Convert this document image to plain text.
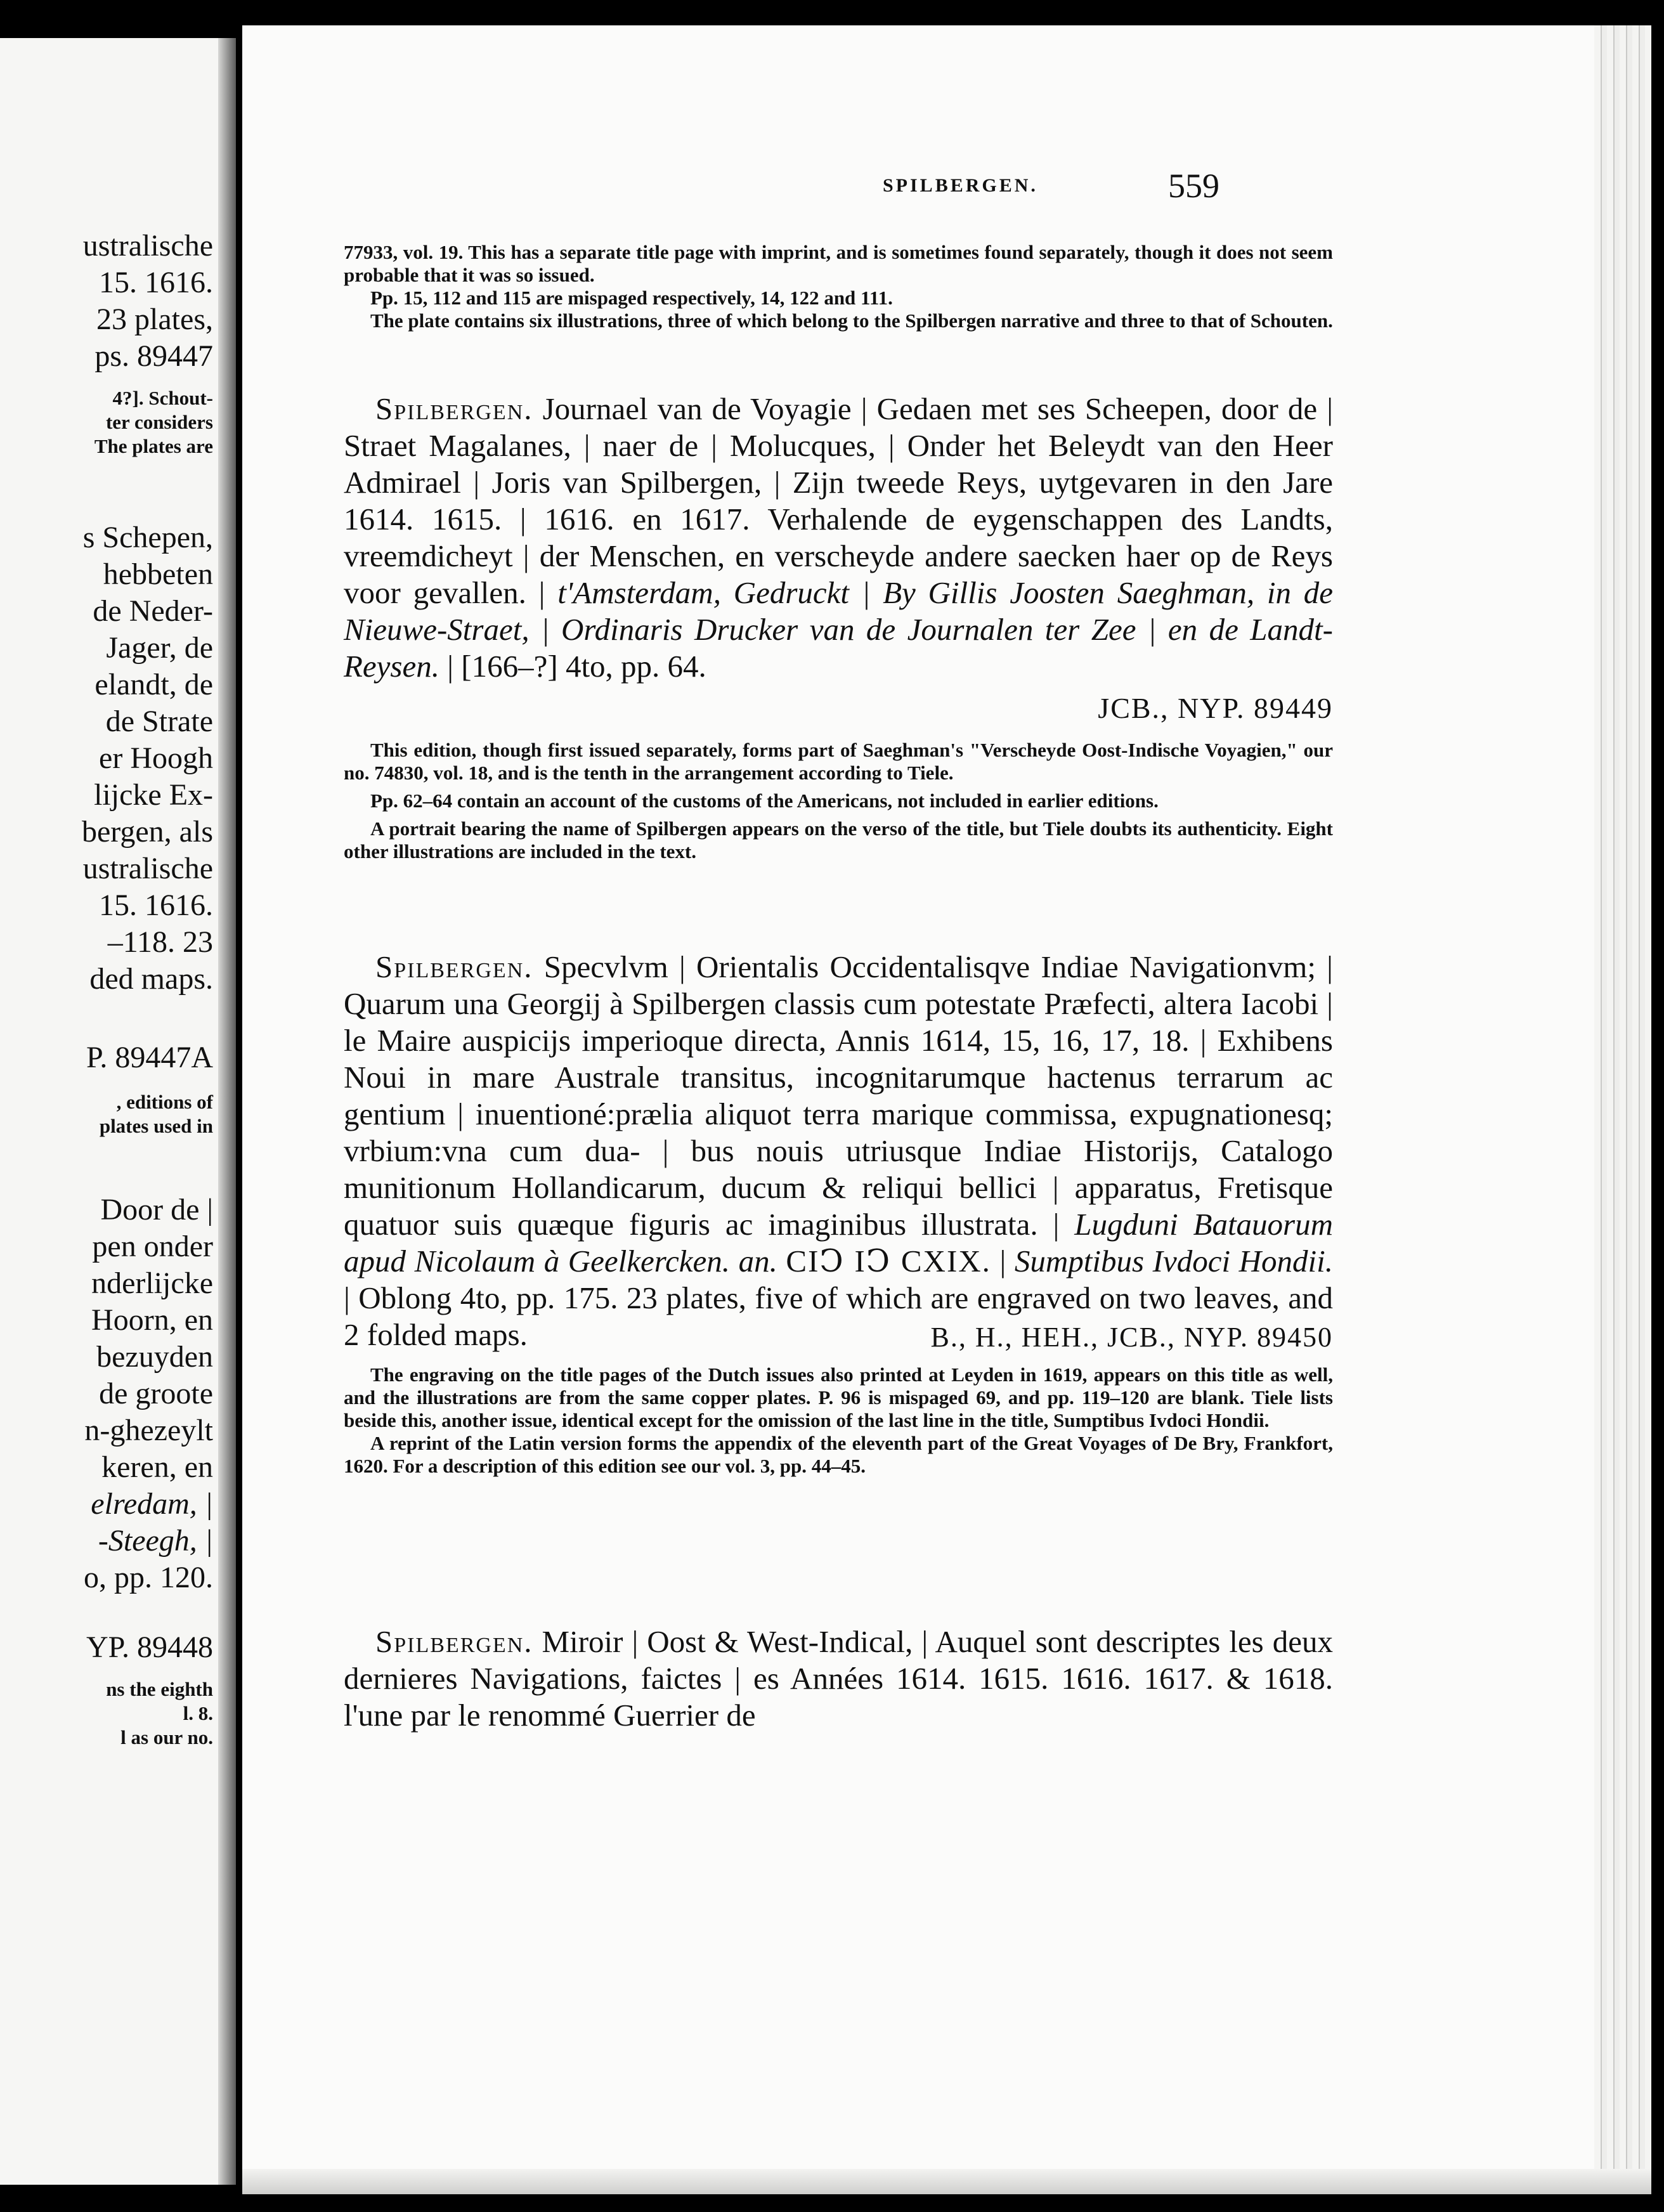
ustralische
15. 1616.
23 plates,
ps. 89447
4?]. Schout-
ter considers
The plates are
s Schepen,
hebbeten
de Neder-
Jager, de
elandt, de
de Strate
er Hoogh
lijcke Ex-
bergen, als
ustralische
15. 1616.
–118. 23
ded maps.
P. 89447A
, editions of
plates used in
Door de |
pen onder
nderlijcke
Hoorn, en
bezuyden
de groote
n-ghezeylt
keren, en
elredam, |
-Steegh, |
o, pp. 120.
YP. 89448
ns the eighth
l. 8.
l as our no.
SPILBERGEN.	559

77933, vol. 19. This has a separate title page with imprint, and is sometimes found separately, though it does not seem probable that it was so issued.

Pp. 15, 112 and 115 are mispaged respectively, 14, 122 and 111.

The plate contains six illustrations, three of which belong to the Spilbergen narrative and three to that of Schouten.

Spilbergen. Journael van de Voyagie | Gedaen met ses Scheepen, door de | Straet Magalanes, | naer de | Molucques, | Onder het Beleydt van den Heer Admirael | Joris van Spilbergen, | Zijn tweede Reys, uytgevaren in den Jare 1614. 1615. | 1616. en 1617. Verhalende de eygenschappen des Landts, vreemdicheyt | der Menschen, en verscheyde andere saecken haer op de Reys voor gevallen. | t'Amsterdam, Gedruckt | By Gillis Joosten Saeghman, in de Nieuwe-Straet, | Ordinaris Drucker van de Journalen ter Zee | en de Landt-Reysen. | [166–?] 4to, pp. 64.

JCB., NYP. 89449

This edition, though first issued separately, forms part of Saeghman's "Verscheyde Oost-Indische Voyagien," our no. 74830, vol. 18, and is the tenth in the arrangement according to Tiele.

Pp. 62–64 contain an account of the customs of the Americans, not included in earlier editions.

A portrait bearing the name of Spilbergen appears on the verso of the title, but Tiele doubts its authenticity. Eight other illustrations are included in the text.

Spilbergen. Specvlvm | Orientalis Occidentalisqve Indiae Navigationvm; | Quarum una Georgij à Spilbergen classis cum potestate Præfecti, altera Iacobi | le Maire auspicijs imperioque directa, Annis 1614, 15, 16, 17, 18. | Exhibens Noui in mare Australe transitus, incognitarumque hactenus terrarum ac gentium | inuentioné:prælia aliquot terra marique commissa, expugnationesq; vrbium:vna cum dua- | bus nouis utriusque Indiae Historijs, Catalogo munitionum Hollandicarum, ducum & reliqui bellici | apparatus, Fretisque quatuor suis quæque figuris ac imaginibus illustrata. | Lugduni Batauorum apud Nicolaum à Geelkercken. an. CIↃ IↃ CXIX. | Sumptibus Ivdoci Hondii. | Oblong 4to, pp. 175. 23 plates, five of which are engraved on two leaves, and 2 folded maps.	B., H., HEH., JCB., NYP. 89450

The engraving on the title pages of the Dutch issues also printed at Leyden in 1619, appears on this title as well, and the illustrations are from the same copper plates. P. 96 is mispaged 69, and pp. 119–120 are blank. Tiele lists beside this, another issue, identical except for the omission of the last line in the title, Sumptibus Ivdoci Hondii.

A reprint of the Latin version forms the appendix of the eleventh part of the Great Voyages of De Bry, Frankfort, 1620. For a description of this edition see our vol. 3, pp. 44–45.

Spilbergen. Miroir | Oost & West-Indical, | Auquel sont descriptes les deux dernieres Navigations, faictes | es Années 1614. 1615. 1616. 1617. & 1618. l'une par le renommé Guerrier de
